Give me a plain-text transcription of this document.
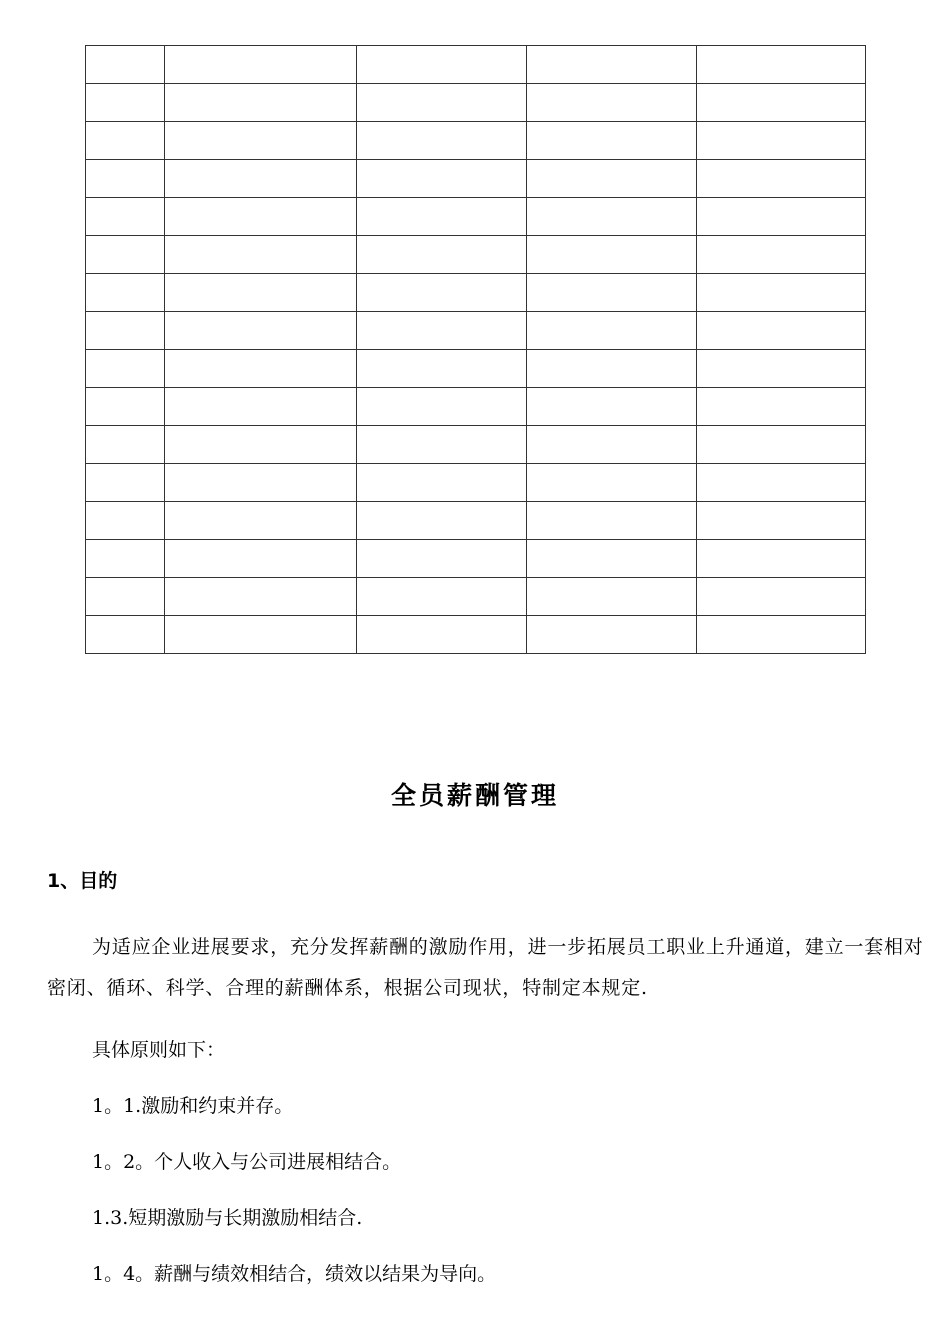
全员薪酬管理
1、目的

为适应企业进展要求，充分发挥薪酬的激励作用，进一步拓展员工职业上升通道，建立一套相对密闭、循环、科学、合理的薪酬体系，根据公司现状，特制定本规定.

具体原则如下：

1。1.激励和约束并存。

1。2。个人收入与公司进展相结合。

1.3.短期激励与长期激励相结合.

1。4。薪酬与绩效相结合，绩效以结果为导向。
